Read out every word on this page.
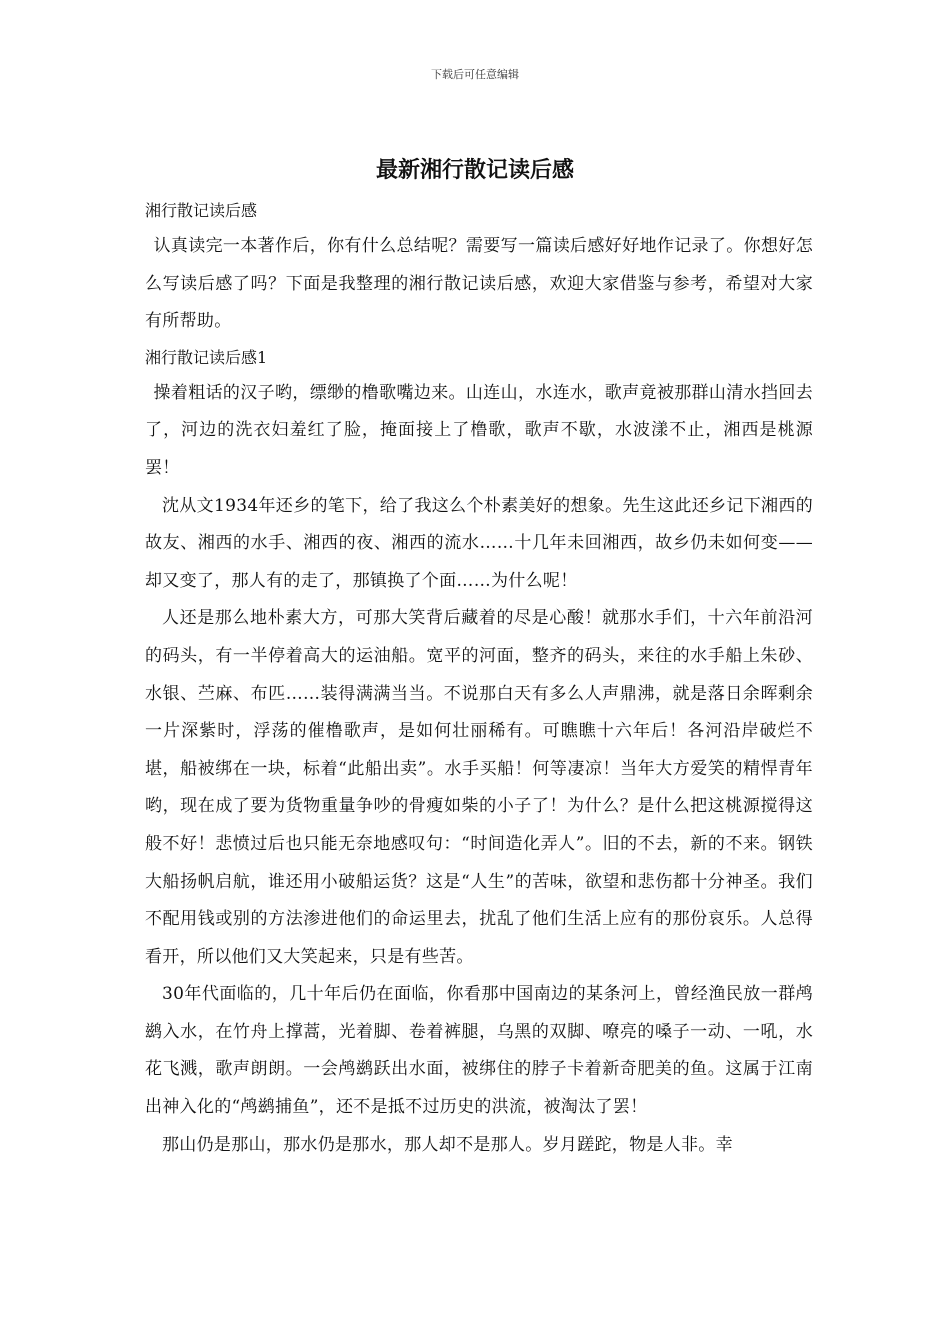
下载后可任意编辑
最新湘行散记读后感

湘行散记读后感

认真读完一本著作后，你有什么总结呢？需要写一篇读后感好好地作记录了。你想好怎么写读后感了吗？下面是我整理的湘行散记读后感，欢迎大家借鉴与参考，希望对大家有所帮助。

湘行散记读后感1

操着粗话的汉子哟，缥缈的橹歌嘴边来。山连山，水连水，歌声竟被那群山清水挡回去了，河边的洗衣妇羞红了脸，掩面接上了橹歌，歌声不歇，水波漾不止，湘西是桃源罢！

沈从文1934年还乡的笔下，给了我这么个朴素美好的想象。先生这此还乡记下湘西的故友、湘西的水手、湘西的夜、湘西的流水……十几年未回湘西，故乡仍未如何变——却又变了，那人有的走了，那镇换了个面……为什么呢！

人还是那么地朴素大方，可那大笑背后藏着的尽是心酸！就那水手们，十六年前沿河的码头，有一半停着高大的运油船。宽平的河面，整齐的码头，来往的水手船上朱砂、水银、苎麻、布匹……装得满满当当。不说那白天有多么人声鼎沸，就是落日余晖剩余一片深紫时，浮荡的催橹歌声，是如何壮丽稀有。可瞧瞧十六年后！各河沿岸破烂不堪，船被绑在一块，标着“此船出卖”。水手买船！何等凄凉！当年大方爱笑的精悍青年哟，现在成了要为货物重量争吵的骨瘦如柴的小子了！为什么？是什么把这桃源搅得这般不好！悲愤过后也只能无奈地感叹句：“时间造化弄人”。旧的不去，新的不来。钢铁大船扬帆启航，谁还用小破船运货？这是“人生”的苦味，欲望和悲伤都十分神圣。我们不配用钱或别的方法渗进他们的命运里去，扰乱了他们生活上应有的那份哀乐。人总得看开，所以他们又大笑起来，只是有些苦。

30年代面临的，几十年后仍在面临，你看那中国南边的某条河上，曾经渔民放一群鸬鹚入水，在竹舟上撑蒿，光着脚、卷着裤腿，乌黑的双脚、嘹亮的嗓子一动、一吼，水花飞溅，歌声朗朗。一会鸬鹚跃出水面，被绑住的脖子卡着新奇肥美的鱼。这属于江南出神入化的“鸬鹚捕鱼”，还不是抵不过历史的洪流，被淘汰了罢！

那山仍是那山，那水仍是那水，那人却不是那人。岁月蹉跎，物是人非。幸
